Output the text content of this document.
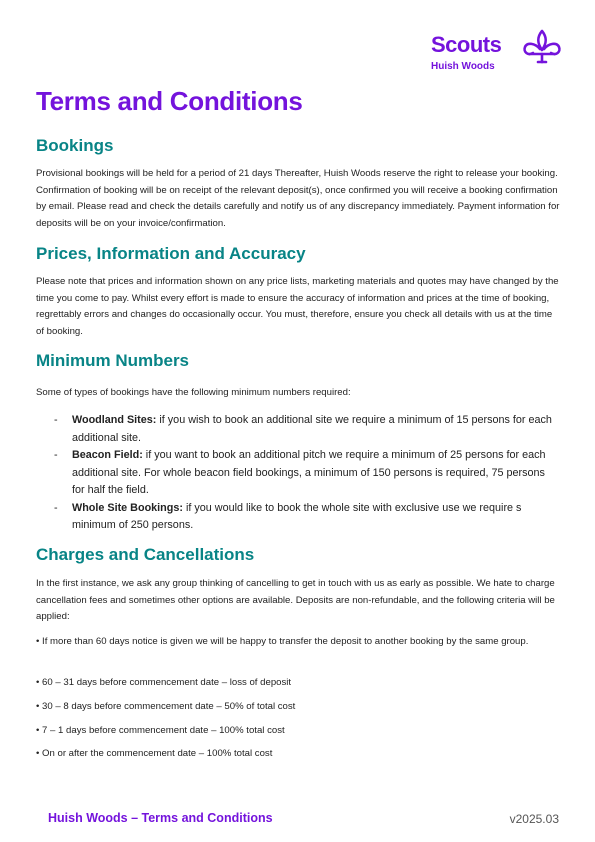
Scouts
Huish Woods
Terms and Conditions
Bookings

Provisional bookings will be held for a period of 21 days Thereafter, Huish Woods reserve the right to release your booking. Confirmation of booking will be on receipt of the relevant deposit(s), once confirmed you will receive a booking confirmation by email. Please read and check the details carefully and notify us of any discrepancy immediately. Payment information for deposits will be on your invoice/confirmation.

Prices, Information and Accuracy

Please note that prices and information shown on any price lists, marketing materials and quotes may have changed by the time you come to pay. Whilst every effort is made to ensure the accuracy of information and prices at the time of booking, regrettably errors and changes do occasionally occur. You must, therefore, ensure you check all details with us at the time of booking.

Minimum Numbers

Some of types of bookings have the following minimum numbers required:

- Woodland Sites: if you wish to book an additional site we require a minimum of 15 persons for each additional site.
- Beacon Field: if you want to book an additional pitch we require a minimum of 25 persons for each additional site. For whole beacon field bookings, a minimum of 150 persons is required, 75 persons for half the field.
- Whole Site Bookings: if you would like to book the whole site with exclusive use we require s minimum of 250 persons.
Charges and Cancellations

In the first instance, we ask any group thinking of cancelling to get in touch with us as early as possible. We hate to charge cancellation fees and sometimes other options are available. Deposits are non-refundable, and the following criteria will be applied:

• If more than 60 days notice is given we will be happy to transfer the deposit to another booking by the same group.

• 60 – 31 days before commencement date – loss of deposit

• 30 – 8 days before commencement date – 50% of total cost

• 7 – 1 days before commencement date – 100% total cost

• On or after the commencement date – 100% total cost

Huish Woods – Terms and Conditions	v2025.03
